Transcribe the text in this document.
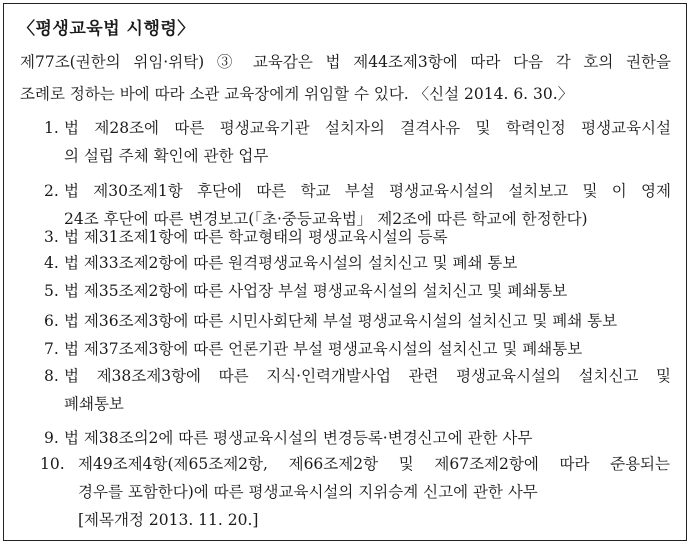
〈평생교육법 시행령〉
제77조(권한의 위임·위탁) ③ 교육감은 법 제44조제3항에 따라 다음 각 호의 권한을
조례로 정하는 바에 따라 소관 교육장에게 위임할 수 있다. 〈신설 2014. 6. 30.〉
1. 법 제28조에 따른 평생교육기관 설치자의 결격사유 및 학력인정 평생교육시설
의 설립 주체 확인에 관한 업무
2. 법 제30조제1항 후단에 따른 학교 부설 평생교육시설의 설치보고 및 이 영제
24조 후단에 따른 변경보고(「초·중등교육법」 제2조에 따른 학교에 한정한다)
3. 법 제31조제1항에 따른 학교형태의 평생교육시설의 등록
4. 법 제33조제2항에 따른 원격평생교육시설의 설치신고 및 폐쇄 통보
5. 법 제35조제2항에 따른 사업장 부설 평생교육시설의 설치신고 및 폐쇄통보
6. 법 제36조제3항에 따른 시민사회단체 부설 평생교육시설의 설치신고 및 폐쇄 통보
7. 법 제37조제3항에 따른 언론기관 부설 평생교육시설의 설치신고 및 폐쇄통보
8. 법 제38조제3항에 따른 지식·인력개발사업 관련 평생교육시설의 설치신고 및
폐쇄통보
9. 법 제38조의2에 따른 평생교육시설의 변경등록·변경신고에 관한 사무
10. 제49조제4항(제65조제2항, 제66조제2항 및 제67조제2항에 따라 준용되는
경우를 포함한다)에 따른 평생교육시설의 지위승계 신고에 관한 사무
[제목개정 2013. 11. 20.]
